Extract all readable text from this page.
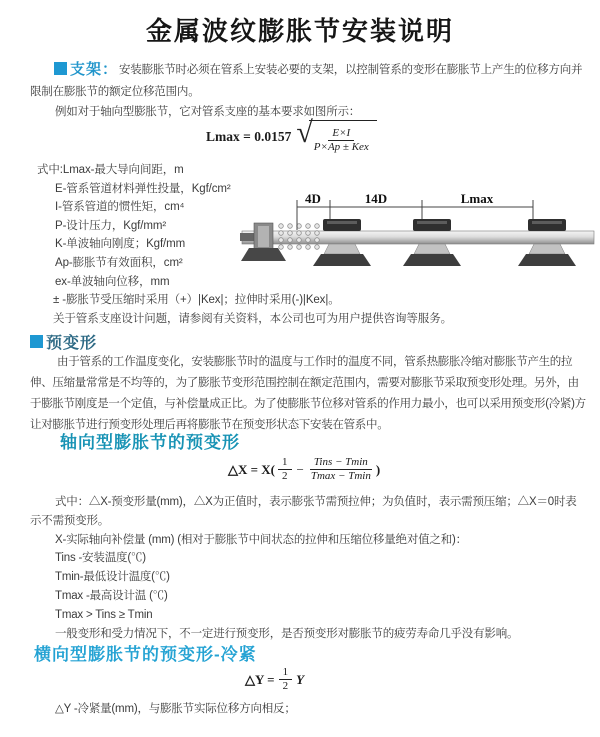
金属波纹膨胀节安装说明
支架： 安装膨胀节时必须在管系上安装必要的支架，以控制管系的变形在膨胀节上产生的位移方向并
限制在膨胀节的额定位移范围内。
例如对于轴向型膨胀节，它对管系支座的基本要求如图所示：
Lmax = 0.0157 √ $\frac{E\times I}{\text{P×Ap ± Kex}}$
式中:Lmax-最大导向间距，m
E-管系管道材料弹性投量，Kgf/cm²
I-管系管道的惯性矩，cm⁴
P-设计压力，Kgf/mm²
K-单波轴向刚度；Kgf/mm
Ap-膨胀节有效面积，cm²
ex-单波轴向位移，mm
± -膨胀节受压缩时采用（+）|Kex|；拉伸时采用(-)|Kex|。
关于管系支座设计问题，请参阅有关资料，本公司也可为用户提供咨询等服务。
4D	14D	Lmax
预变形
由于管系的工作温度变化，安装膨胀节时的温度与工作时的温度不同，管系热膨胀冷缩对膨胀节产生的拉
伸、压缩量常常是不均等的，为了膨胀节变形范围控制在额定范围内，需要对膨胀节采取预变形处理。另外，由
于膨胀节刚度是一个定值，与补偿量成正比。为了使膨胀节位移对管系的作用力最小，也可以采用预变形(冷紧)方
让对膨胀节进行预变形处理后再将膨胀节在预变形状态下安装在管系中。
轴向型膨胀节的预变形
△X = $X( \frac{1}{2} - \frac{\text{Tins − Tmin}}{Tmax - Tmin}$ )
式中：△X-预变形量(mm)，△X为正值时，表示膨张节需预拉伸；为负值时，表示需预压缩；△X＝0时表
示不需预变形。
X-实际轴向补偿量 (mm) (相对于膨胀节中间状态的拉伸和压缩位移量绝对值之和)：
Tins -安装温度(℃)
Tmin-最低设计温度(℃)
Tmax -最高设计温 (℃)
Tmax > Tins ≥ Tmin
一般变形和受力情况下，不一定进行预变形，是否预变形对膨胀节的疲劳寿命几乎没有影响。
横向型膨胀节的预变形-冷紧
△Y = $\frac{1}{2}$ Y
△Y -冷紧量(mm)，与膨胀节实际位移方向相反；
